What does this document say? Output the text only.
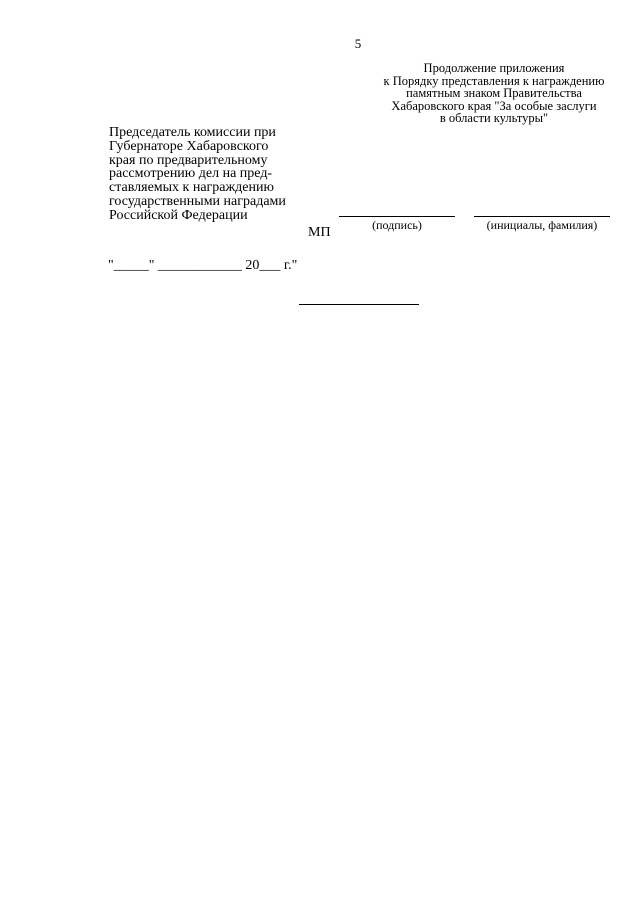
5
Продолжение приложения
к Порядку представления к награждению
памятным знаком Правительства
Хабаровского края "За особые заслуги
в области культуры"
Председатель комиссии при
Губернаторе Хабаровского
края по предварительному
рассмотрению дел на пред-
ставляемых к награждению
государственными наградами
Российской Федерации
(подпись)	(инициалы, фамилия)
МП
"_____" ____________ 20___ г."
